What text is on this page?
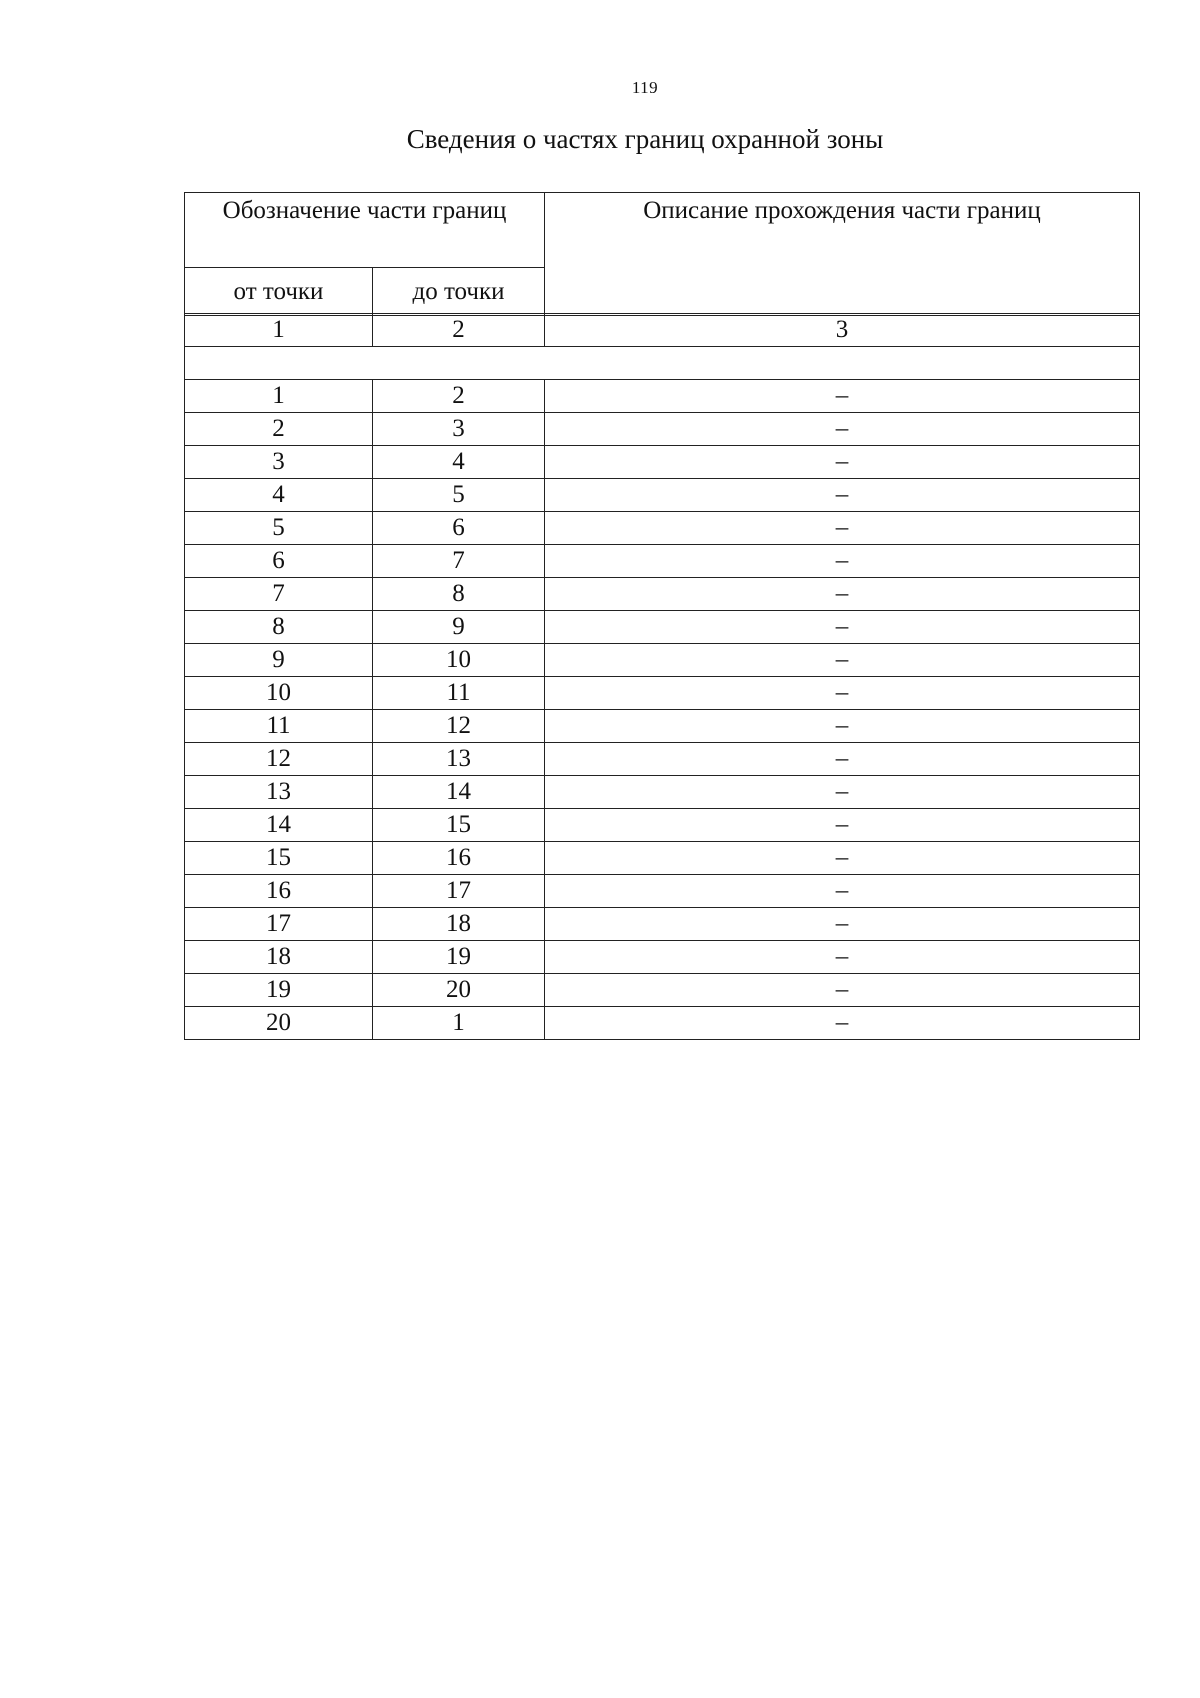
119
Сведения о частях границ охранной зоны
Обозначение части границ		Описание прохождения части границ
от точки	до точки	
1	2	3

1	2	–
2	3	–
3	4	–
4	5	–
5	6	–
6	7	–
7	8	–
8	9	–
9	10	–
10	11	–
11	12	–
12	13	–
13	14	–
14	15	–
15	16	–
16	17	–
17	18	–
18	19	–
19	20	–
20	1	–
